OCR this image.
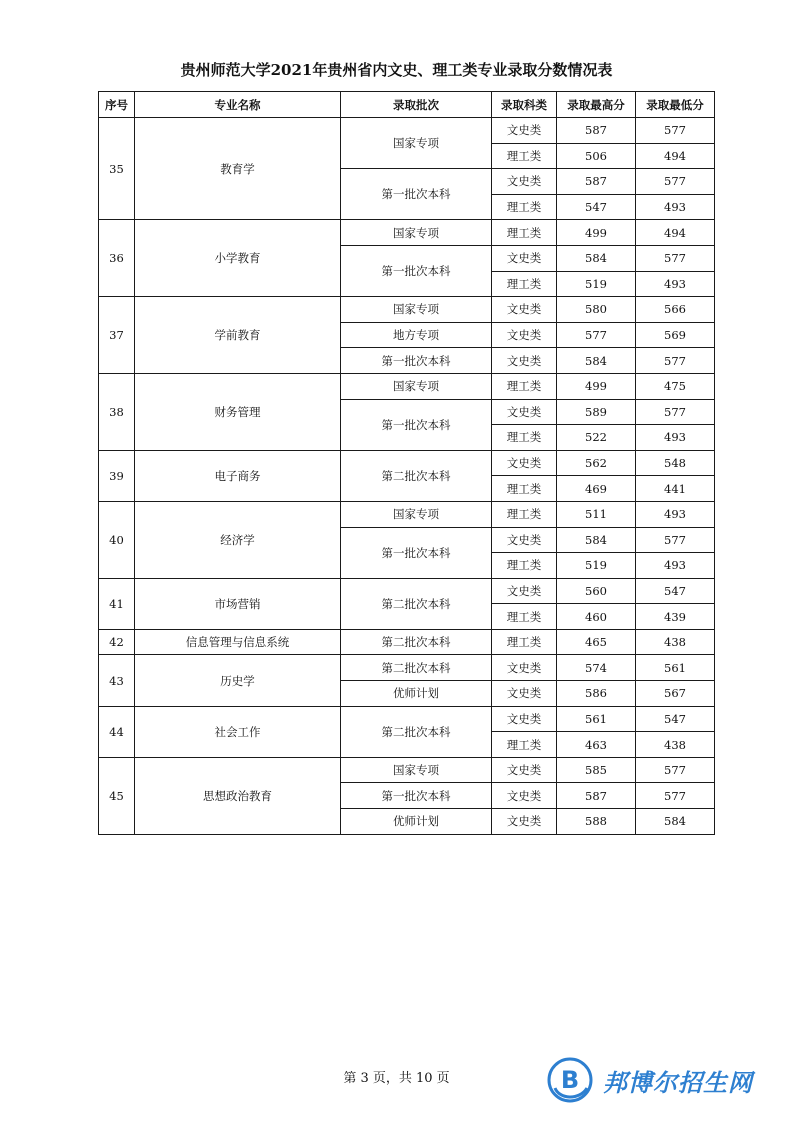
贵州师范大学2021年贵州省内文史、理工类专业录取分数情况表
序号	专业名称	录取批次	录取科类	录取最高分	录取最低分
35	教育学	国家专项	文史类	587	577
			理工类	506	494
		第一批次本科	文史类	587	577
			理工类	547	493
36	小学教育	国家专项	理工类	499	494
		第一批次本科	文史类	584	577
			理工类	519	493
37	学前教育	国家专项	文史类	580	566
		地方专项	文史类	577	569
		第一批次本科	文史类	584	577
38	财务管理	国家专项	理工类	499	475
		第一批次本科	文史类	589	577
			理工类	522	493
39	电子商务	第二批次本科	文史类	562	548
			理工类	469	441
40	经济学	国家专项	理工类	511	493
		第一批次本科	文史类	584	577
			理工类	519	493
41	市场营销	第二批次本科	文史类	560	547
			理工类	460	439
42	信息管理与信息系统	第二批次本科	理工类	465	438
43	历史学	第二批次本科	文史类	574	561
		优师计划	文史类	586	567
44	社会工作	第二批次本科	文史类	561	547
			理工类	463	438
45	思想政治教育	国家专项	文史类	585	577
		第一批次本科	文史类	587	577
		优师计划	文史类	588	584
第 3 页，共 10 页	B 邦博尔招生网
